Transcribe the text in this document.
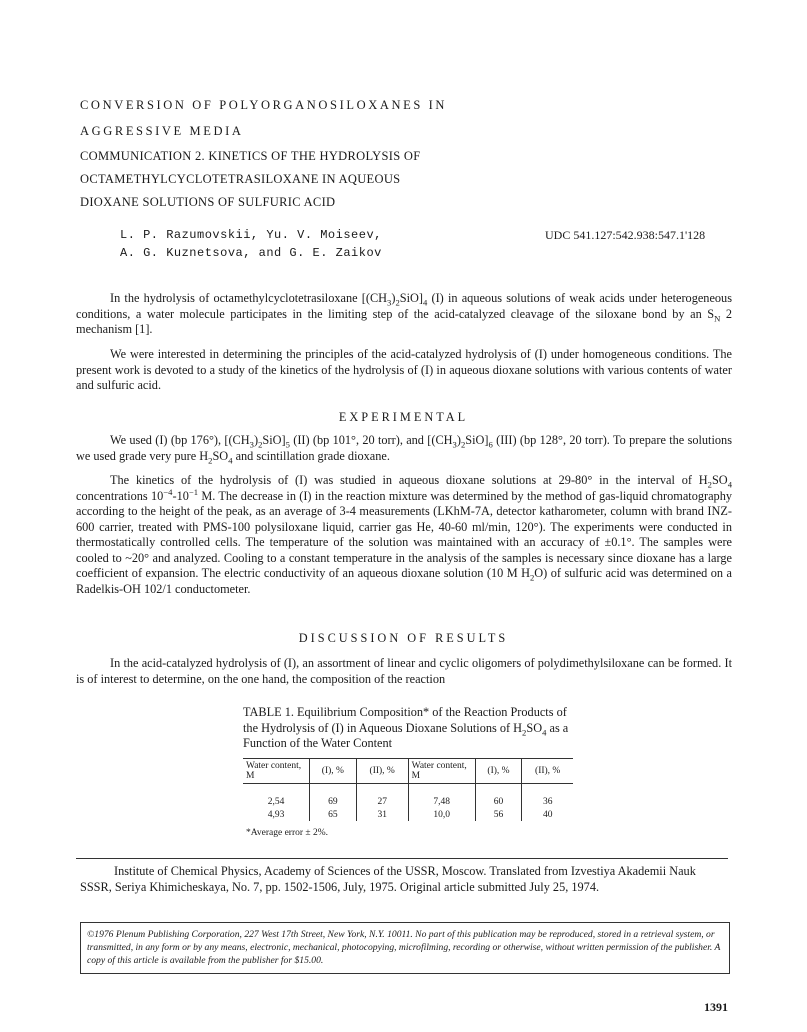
CONVERSION OF POLYORGANOSILOXANES IN
AGGRESSIVE MEDIA
COMMUNICATION 2. KINETICS OF THE HYDROLYSIS OF
OCTAMETHYLCYCLOTETRASILOXANE IN AQUEOUS
DIOXANE SOLUTIONS OF SULFURIC ACID
L. P. Razumovskii, Yu. V. Moiseev,
A. G. Kuznetsova, and G. E. Zaikov
UDC 541.127:542.938:547.1'128

In the hydrolysis of octamethylcyclotetrasiloxane $[(CH_3)_2SiO]_4$ (I) in aqueous solutions of weak acids under heterogeneous conditions, a water molecule participates in the limiting step of the acid-catalyzed cleavage of the siloxane bond by an $S_N$ 2 mechanism [1].

We were interested in determining the principles of the acid-catalyzed hydrolysis of (I) under homogeneous conditions. The present work is devoted to a study of the kinetics of the hydrolysis of (I) in aqueous dioxane solutions with various contents of water and sulfuric acid.

EXPERIMENTAL

We used (I) (bp 176°), $[(CH_3)_2SiO]_5$ (II) (bp 101°, 20 torr), and $[(CH_3)_2SiO]_6$ (III) (bp 128°, 20 torr). To prepare the solutions we used grade very pure $H_2SO_4$ and scintillation grade dioxane.

The kinetics of the hydrolysis of (I) was studied in aqueous dioxane solutions at 29-80° in the interval of $H_2SO_4$ concentrations $10^{-4}-10^{-1}$ M. The decrease in (I) in the reaction mixture was determined by the method of gas-liquid chromatography according to the height of the peak, as an average of 3-4 measurements (LKhM-7A, detector katharometer, column with brand INZ-600 carrier, treated with PMS-100 polysiloxane liquid, carrier gas He, 40-60 ml/min, 120°). The experiments were conducted in thermostatically controlled cells. The temperature of the solution was maintained with an accuracy of ±0.1°. The samples were cooled to ~20° and analyzed. Cooling to a constant temperature in the analysis of the samples is necessary since dioxane has a large coefficient of expansion. The electric conductivity of an aqueous dioxane solution (10 M $H_2O$) of sulfuric acid was determined on a Radelkis-OH 102/1 conductometer.

DISCUSSION OF RESULTS

In the acid-catalyzed hydrolysis of (I), an assortment of linear and cyclic oligomers of polydimethylsiloxane can be formed. It is of interest to determine, on the one hand, the composition of the reaction

TABLE 1. Equilibrium Composition* of the Reaction Products of the Hydrolysis of (I) in Aqueous Dioxane Solutions of $H_2SO_4$ as a Function of the Water Content
Water content, M	(I), %	(II), %	Water content, M	(I), %	(II), %
2,54	69	27	7,48	60	36
4,93	65	31	10,0	56	40
*Average error ± 2%.

Institute of Chemical Physics, Academy of Sciences of the USSR, Moscow. Translated from Izvestiya Akademii Nauk SSSR, Seriya Khimicheskaya, No. 7, pp. 1502-1506, July, 1975. Original article submitted July 25, 1974.

©1976 Plenum Publishing Corporation, 227 West 17th Street, New York, N.Y. 10011. No part of this publication may be reproduced, stored in a retrieval system, or transmitted, in any form or by any means, electronic, mechanical, photocopying, microfilming, recording or otherwise, without written permission of the publisher. A copy of this article is available from the publisher for $15.00.
1391
